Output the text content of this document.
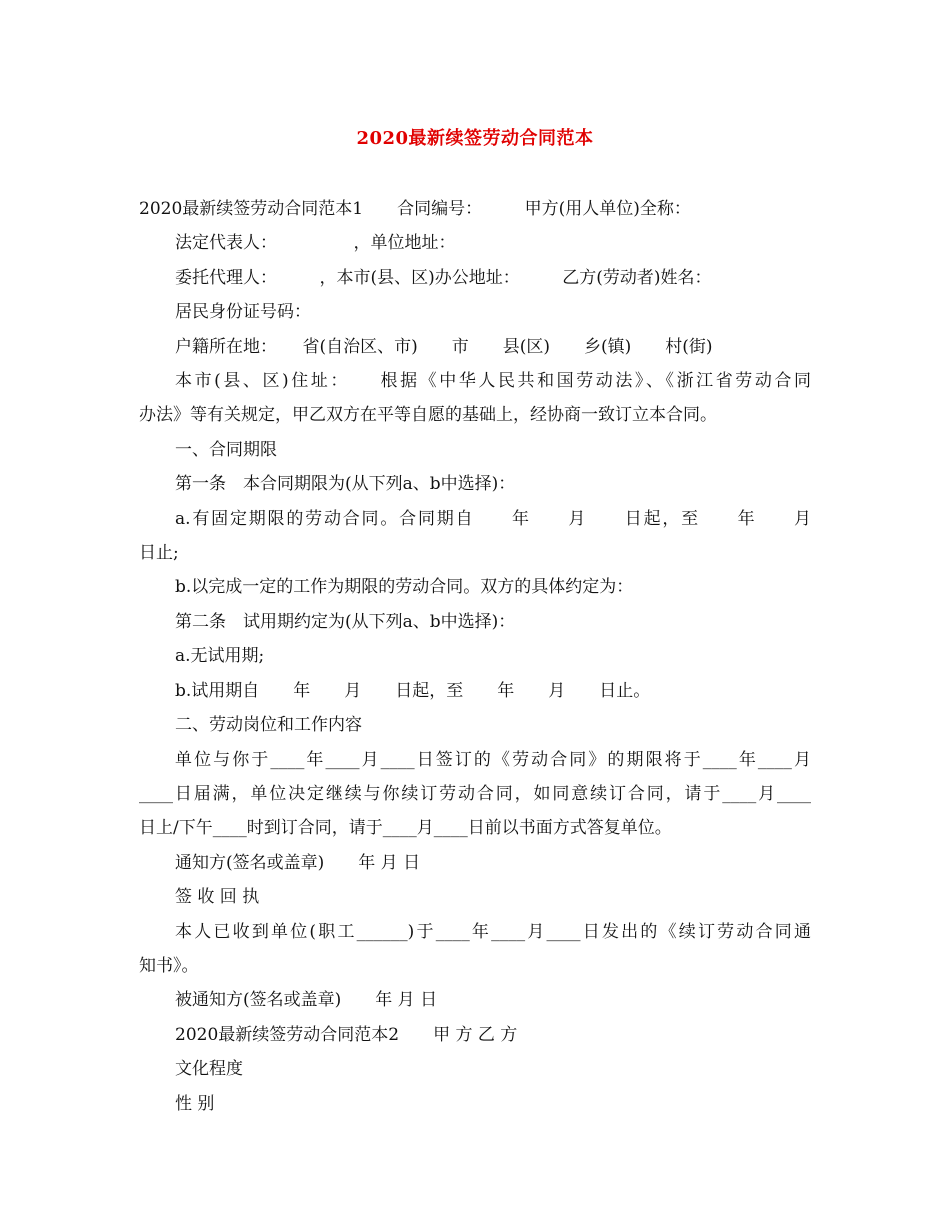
2020最新续签劳动合同范本

2020最新续签劳动合同范本1　　合同编号：　　　甲方(用人单位)全称：

法定代表人：　　　　　，单位地址：

委托代理人：　　　，本市(县、区)办公地址：　　　乙方(劳动者)姓名：

居民身份证号码：

户籍所在地：　　省(自治区、市)　　市　　县(区)　　乡(镇)　　村(街)

本市(县、区)住址：　　根据《中华人民共和国劳动法》、《浙江省劳动合同

办法》等有关规定，甲乙双方在平等自愿的基础上，经协商一致订立本合同。

一、合同期限

第一条　本合同期限为(从下列a、b中选择)：

a.有固定期限的劳动合同。合同期自　　年　　月　　日起，至　　年　　月

日止;

b.以完成一定的工作为期限的劳动合同。双方的具体约定为：

第二条　试用期约定为(从下列a、b中选择)：

a.无试用期;

b.试用期自　　年　　月　　日起，至　　年　　月　　日止。

二、劳动岗位和工作内容

单位与你于____年____月____日签订的《劳动合同》的期限将于____年____月

____日届满，单位决定继续与你续订劳动合同，如同意续订合同，请于____月____

日上/下午____时到订合同，请于____月____日前以书面方式答复单位。

通知方(签名或盖章)　　年 月 日

签 收 回 执

本人已收到单位(职工______)于____年____月____日发出的《续订劳动合同通

知书》。

被通知方(签名或盖章)　　年 月 日

2020最新续签劳动合同范本2　　甲 方 乙 方

文化程度

性 别
